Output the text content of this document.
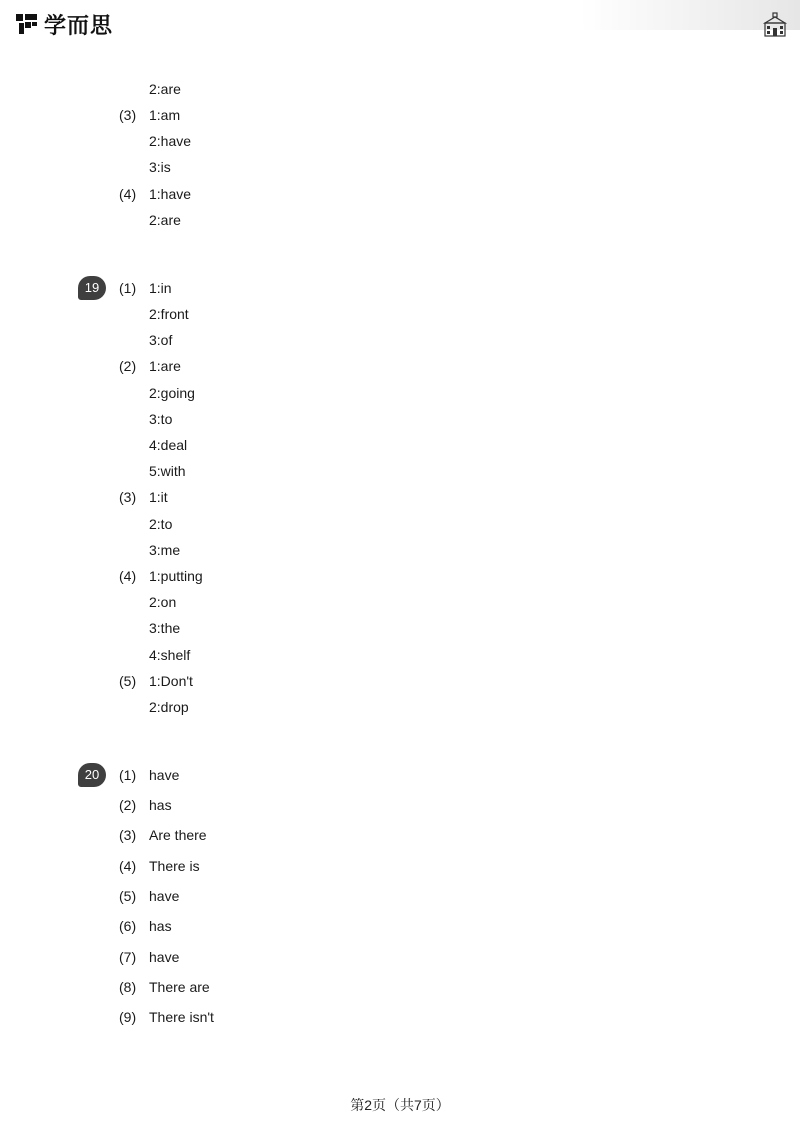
学而思
2:are
(3) 1:am
2:have
3:is
(4) 1:have
2:are
19	(1) 1:in
2:front
3:of
(2) 1:are
2:going
3:to
4:deal
5:with
(3) 1:it
2:to
3:me
(4) 1:putting
2:on
3:the
4:shelf
(5) 1:Don't
2:drop
20	(1) have
(2) has
(3) Are there
(4) There is
(5) have
(6) has
(7) have
(8) There are
(9) There isn't
第2页（共7页）
